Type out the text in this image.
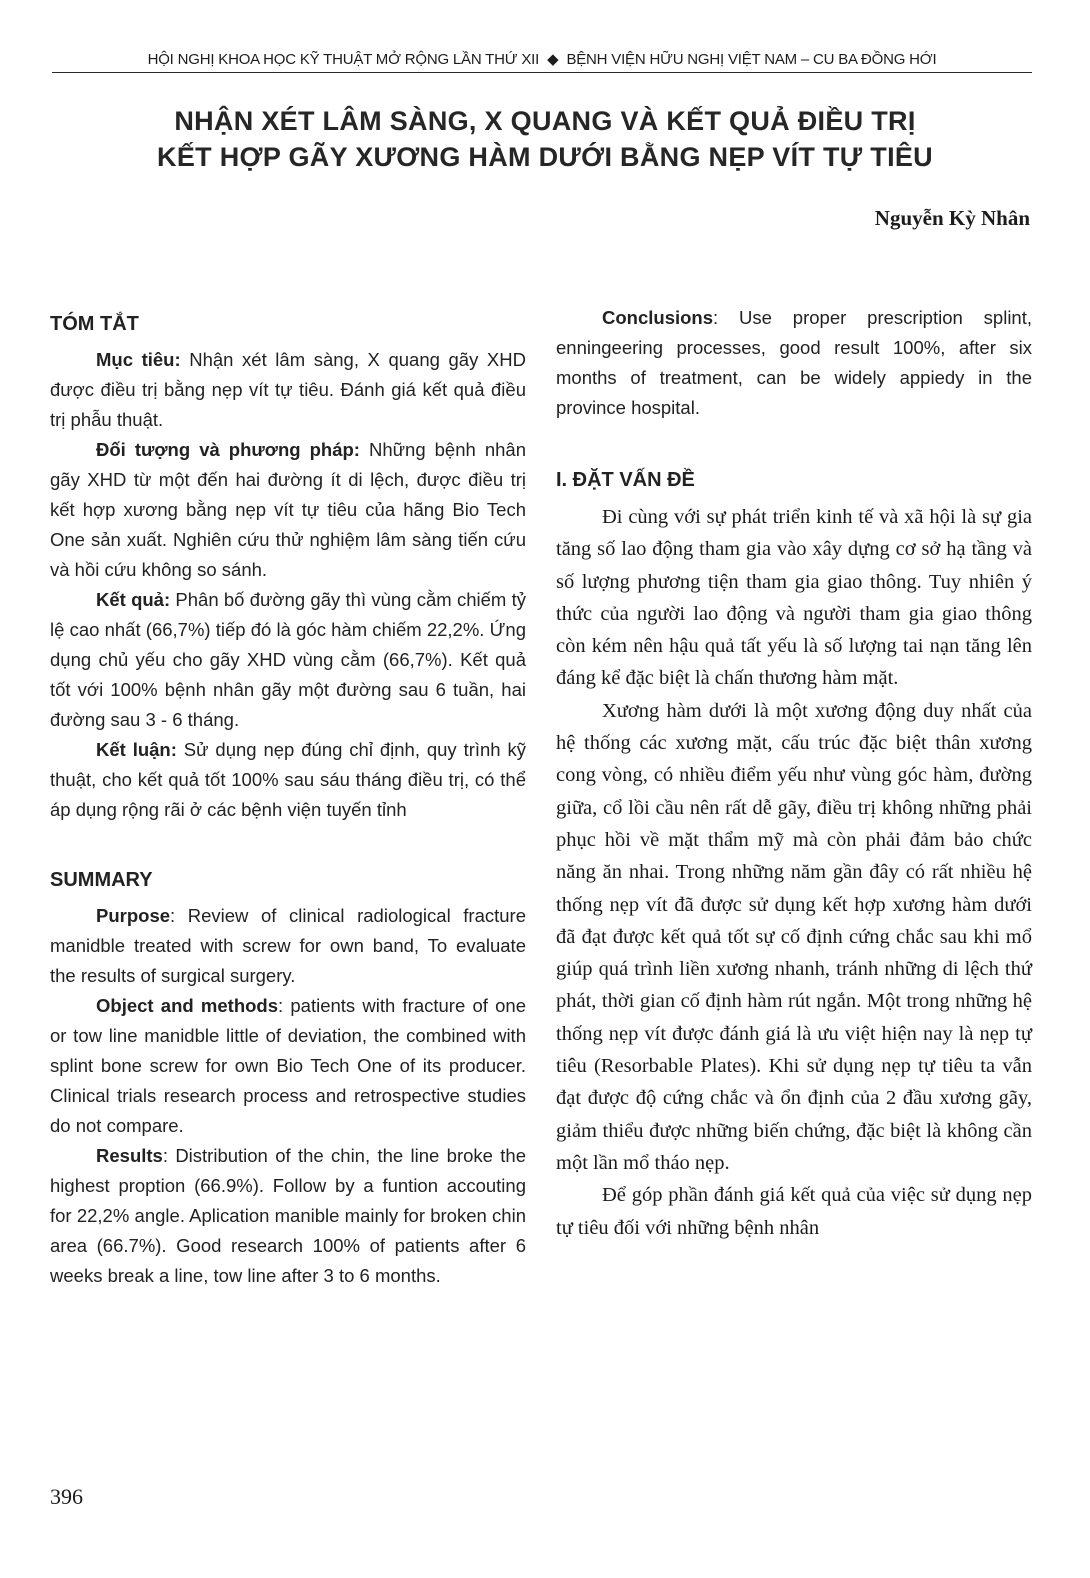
HỘI NGHỊ KHOA HỌC KỸ THUẬT MỞ RỘNG LẦN THỨ XII ◆ BỆNH VIỆN HỮU NGHỊ VIỆT NAM – CU BA ĐỒNG HỚI
NHẬN XÉT LÂM SÀNG, X QUANG VÀ KẾT QUẢ ĐIỀU TRỊ
KẾT HỢP GÃY XƯƠNG HÀM DƯỚI BẰNG NẸP VÍT TỰ TIÊU
Nguyễn Kỳ Nhân
TÓM TẮT

Mục tiêu: Nhận xét lâm sàng, X quang gãy XHD được điều trị bằng nẹp vít tự tiêu. Đánh giá kết quả điều trị phẫu thuật.

Đối tượng và phương pháp: Những bệnh nhân gãy XHD từ một đến hai đường ít di lệch, được điều trị kết hợp xương bằng nẹp vít tự tiêu của hãng Bio Tech One sản xuất. Nghiên cứu thử nghiệm lâm sàng tiến cứu và hồi cứu không so sánh.

Kết quả: Phân bố đường gãy thì vùng cằm chiếm tỷ lệ cao nhất (66,7%) tiếp đó là góc hàm chiếm 22,2%. Ứng dụng chủ yếu cho gãy XHD vùng cằm (66,7%). Kết quả tốt với 100% bệnh nhân gãy một đường sau 6 tuần, hai đường sau 3 - 6 tháng.

Kết luận: Sử dụng nẹp đúng chỉ định, quy trình kỹ thuật, cho kết quả tốt 100% sau sáu tháng điều trị, có thể áp dụng rộng rãi ở các bệnh viện tuyến tỉnh

SUMMARY

Purpose: Review of clinical radiological fracture manidble treated with screw for own band, To evaluate the results of surgical surgery.

Object and methods: patients with fracture of one or tow line manidble little of deviation, the combined with splint bone screw for own Bio Tech One of its producer. Clinical trials research process and retrospective studies do not compare.

Results: Distribution of the chin, the line broke the highest proption (66.9%). Follow by a funtion accouting for 22,2% angle. Aplication manible mainly for broken chin area (66.7%). Good research 100% of patients after 6 weeks break a line, tow line after 3 to 6 months.

Conclusions: Use proper prescription splint, enningeering processes, good result 100%, after six months of treatment, can be widely appiedy in the province hospital.

I. ĐẶT VẤN ĐỀ

Đi cùng với sự phát triển kinh tế và xã hội là sự gia tăng số lao động tham gia vào xây dựng cơ sở hạ tầng và số lượng phương tiện tham gia giao thông. Tuy nhiên ý thức của người lao động và người tham gia giao thông còn kém nên hậu quả tất yếu là số lượng tai nạn tăng lên đáng kể đặc biệt là chấn thương hàm mặt.

Xương hàm dưới là một xương động duy nhất của hệ thống các xương mặt, cấu trúc đặc biệt thân xương cong vòng, có nhiều điểm yếu như vùng góc hàm, đường giữa, cổ lồi cầu nên rất dễ gãy, điều trị không những phải phục hồi về mặt thẩm mỹ mà còn phải đảm bảo chức năng ăn nhai. Trong những năm gần đây có rất nhiều hệ thống nẹp vít đã được sử dụng kết hợp xương hàm dưới đã đạt được kết quả tốt sự cố định cứng chắc sau khi mổ giúp quá trình liền xương nhanh, tránh những di lệch thứ phát, thời gian cố định hàm rút ngắn. Một trong những hệ thống nẹp vít được đánh giá là ưu việt hiện nay là nẹp tự tiêu (Resorbable Plates). Khi sử dụng nẹp tự tiêu ta vẫn đạt được độ cứng chắc và ổn định của 2 đầu xương gãy, giảm thiểu được những biến chứng, đặc biệt là không cần một lần mổ tháo nẹp.

Để góp phần đánh giá kết quả của việc sử dụng nẹp tự tiêu đối với những bệnh nhân

396
